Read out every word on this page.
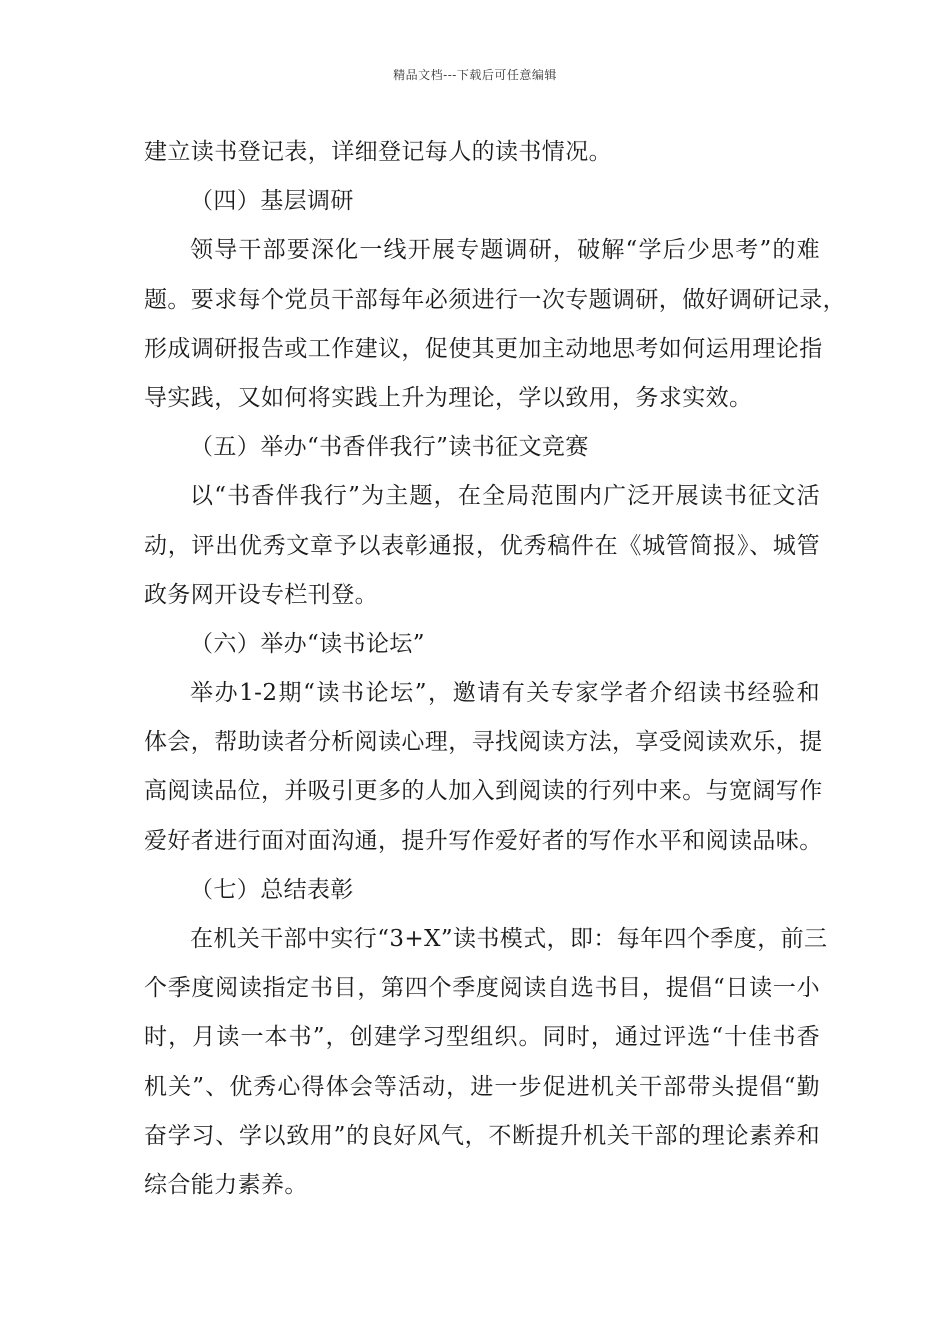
精品文档---下载后可任意编辑
建立读书登记表，详细登记每人的读书情况。
（四）基层调研
领导干部要深化一线开展专题调研，破解“学后少思考”的难
题。要求每个党员干部每年必须进行一次专题调研，做好调研记录，
形成调研报告或工作建议，促使其更加主动地思考如何运用理论指
导实践，又如何将实践上升为理论，学以致用，务求实效。
（五）举办“书香伴我行”读书征文竞赛
以“书香伴我行”为主题，在全局范围内广泛开展读书征文活
动，评出优秀文章予以表彰通报，优秀稿件在《城管简报》、城管
政务网开设专栏刊登。
（六）举办“读书论坛”
举办1-2期“读书论坛”，邀请有关专家学者介绍读书经验和
体会，帮助读者分析阅读心理，寻找阅读方法，享受阅读欢乐，提
高阅读品位，并吸引更多的人加入到阅读的行列中来。与宽阔写作
爱好者进行面对面沟通，提升写作爱好者的写作水平和阅读品味。
（七）总结表彰
在机关干部中实行“3+X”读书模式，即：每年四个季度，前三
个季度阅读指定书目，第四个季度阅读自选书目，提倡“日读一小
时，月读一本书”，创建学习型组织。同时，通过评选“十佳书香
机关”、优秀心得体会等活动，进一步促进机关干部带头提倡“勤
奋学习、学以致用”的良好风气，不断提升机关干部的理论素养和
综合能力素养。
